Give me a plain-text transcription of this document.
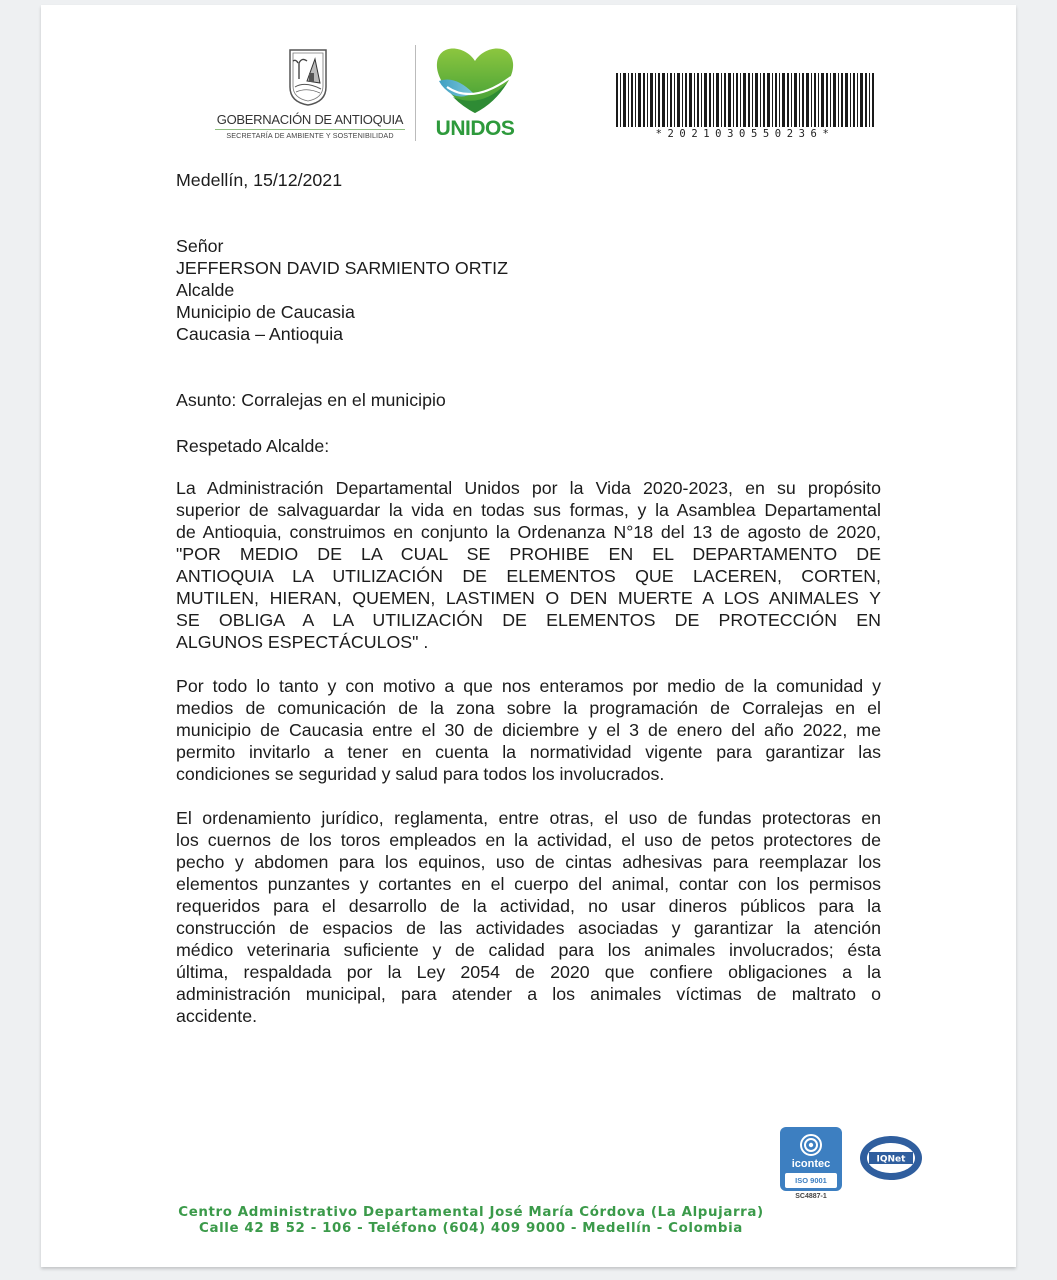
GOBERNACIÓN DE ANTIOQUIA
SECRETARÍA DE AMBIENTE Y SOSTENIBILIDAD	UNIDOS	*2021030550236*
Medellín, 15/12/2021
Señor
JEFFERSON DAVID SARMIENTO ORTIZ
Alcalde
Municipio de Caucasia
Caucasia – Antioquia
Asunto: Corralejas en el municipio
Respetado Alcalde:
La Administración Departamental Unidos por la Vida 2020-2023, en su propósito
superior de salvaguardar la vida en todas sus formas, y la Asamblea Departamental
de Antioquia, construimos en conjunto la Ordenanza N°18 del 13 de agosto de 2020,
"POR MEDIO DE LA CUAL SE PROHIBE EN EL DEPARTAMENTO DE
ANTIOQUIA LA UTILIZACIÓN DE ELEMENTOS QUE LACEREN, CORTEN,
MUTILEN, HIERAN, QUEMEN, LASTIMEN O DEN MUERTE A LOS ANIMALES Y
SE OBLIGA A LA UTILIZACIÓN DE ELEMENTOS DE PROTECCIÓN EN
ALGUNOS ESPECTÁCULOS" .
Por todo lo tanto y con motivo a que nos enteramos por medio de la comunidad y
medios de comunicación de la zona sobre la programación de Corralejas en el
municipio de Caucasia entre el 30 de diciembre y el 3 de enero del año 2022, me
permito invitarlo a tener en cuenta la normatividad vigente para garantizar las
condiciones se seguridad y salud para todos los involucrados.
El ordenamiento jurídico, reglamenta, entre otras, el uso de fundas protectoras en
los cuernos de los toros empleados en la actividad, el uso de petos protectores de
pecho y abdomen para los equinos, uso de cintas adhesivas para reemplazar los
elementos punzantes y cortantes en el cuerpo del animal, contar con los permisos
requeridos para el desarrollo de la actividad, no usar dineros públicos para la
construcción de espacios de las actividades asociadas y garantizar la atención
médico veterinaria suficiente y de calidad para los animales involucrados; ésta
última, respaldada por la Ley 2054 de 2020 que confiere obligaciones a la
administración municipal, para atender a los animales víctimas de maltrato o
accidente.
icontec
ISO 9001
SC4887-1
IQNet
Centro Administrativo Departamental José María Córdova (La Alpujarra)
Calle 42 B 52 - 106 - Teléfono (604) 409 9000 - Medellín - Colombia
